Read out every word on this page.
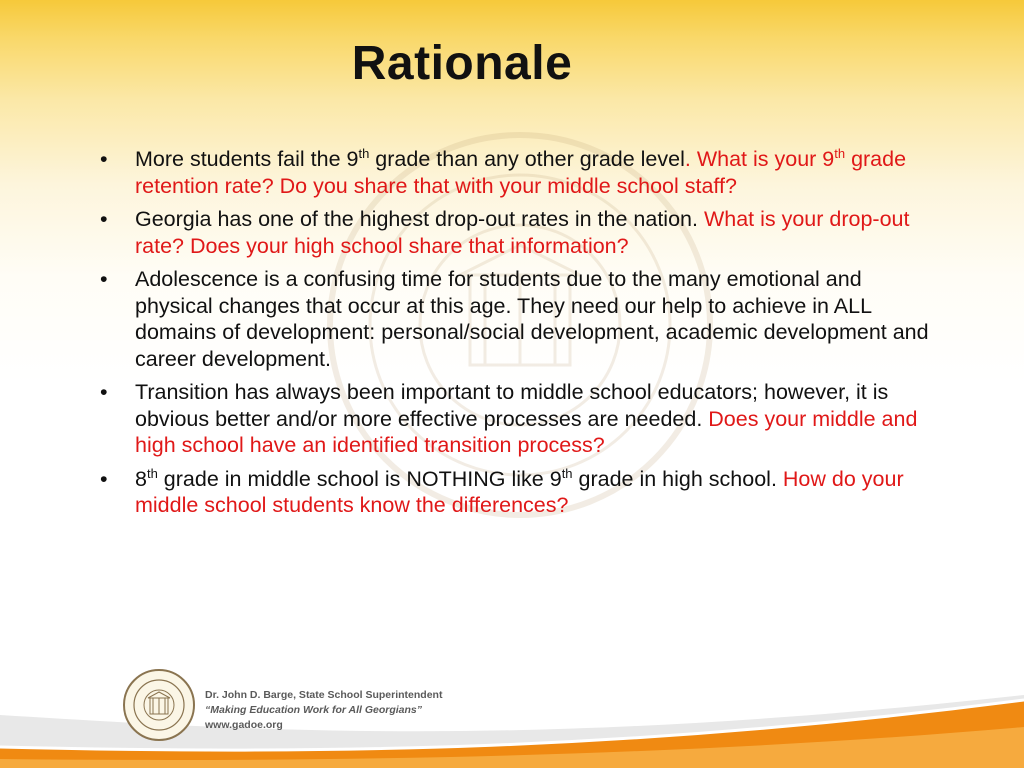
Rationale
• More students fail the 9th grade than any other grade level. What is your 9th grade retention rate? Do you share that with your middle school staff?
• Georgia has one of the highest drop-out rates in the nation. What is your drop-out rate? Does your high school share that information?
• Adolescence is a confusing time for students due to the many emotional and physical changes that occur at this age. They need our help to achieve in ALL domains of development: personal/social development, academic development and career development.
• Transition has always been important to middle school educators; however, it is obvious better and/or more effective processes are needed. Does your middle and high school have an identified transition process?
• 8th grade in middle school is NOTHING like 9th grade in high school. How do your middle school students know the differences?
Dr. John D. Barge, State School Superintendent
“Making Education Work for All Georgians”
www.gadoe.org
